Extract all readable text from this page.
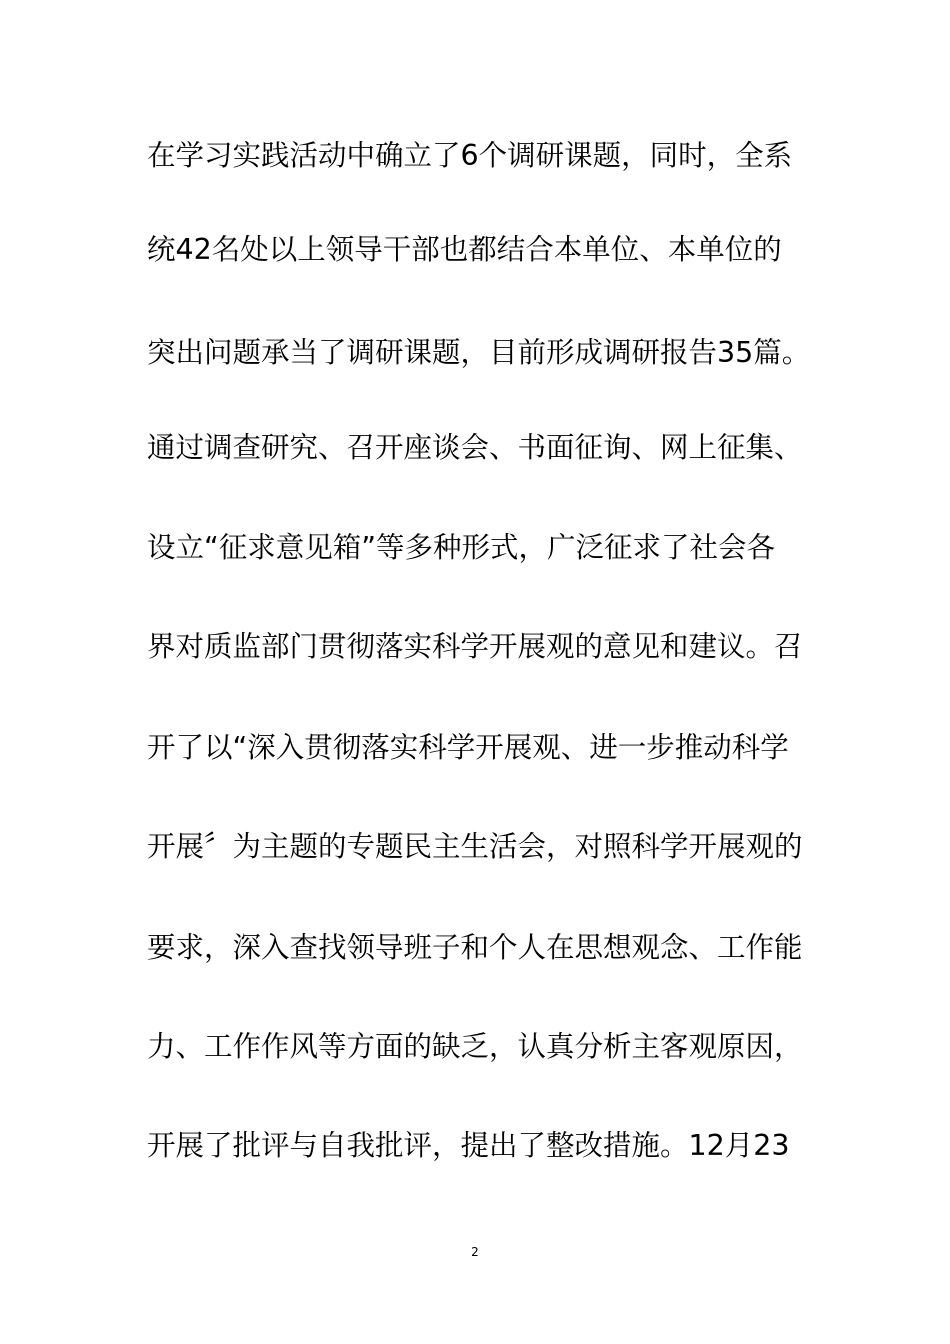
在学习实践活动中确立了6个调研课题，同时，全系
统42名处以上领导干部也都结合本单位、本单位的
突出问题承当了调研课题，目前形成调研报告35篇。
通过调查研究、召开座谈会、书面征询、网上征集、
设立“征求意见箱”等多种形式，广泛征求了社会各
界对质监部门贯彻落实科学开展观的意见和建议。召
开了以“深入贯彻落实科学开展观、进一步推动科学
开展〞为主题的专题民主生活会，对照科学开展观的
要求，深入查找领导班子和个人在思想观念、工作能
力、工作作风等方面的缺乏，认真分析主客观原因，
开展了批评与自我批评，提出了整改措施。12月23
2
